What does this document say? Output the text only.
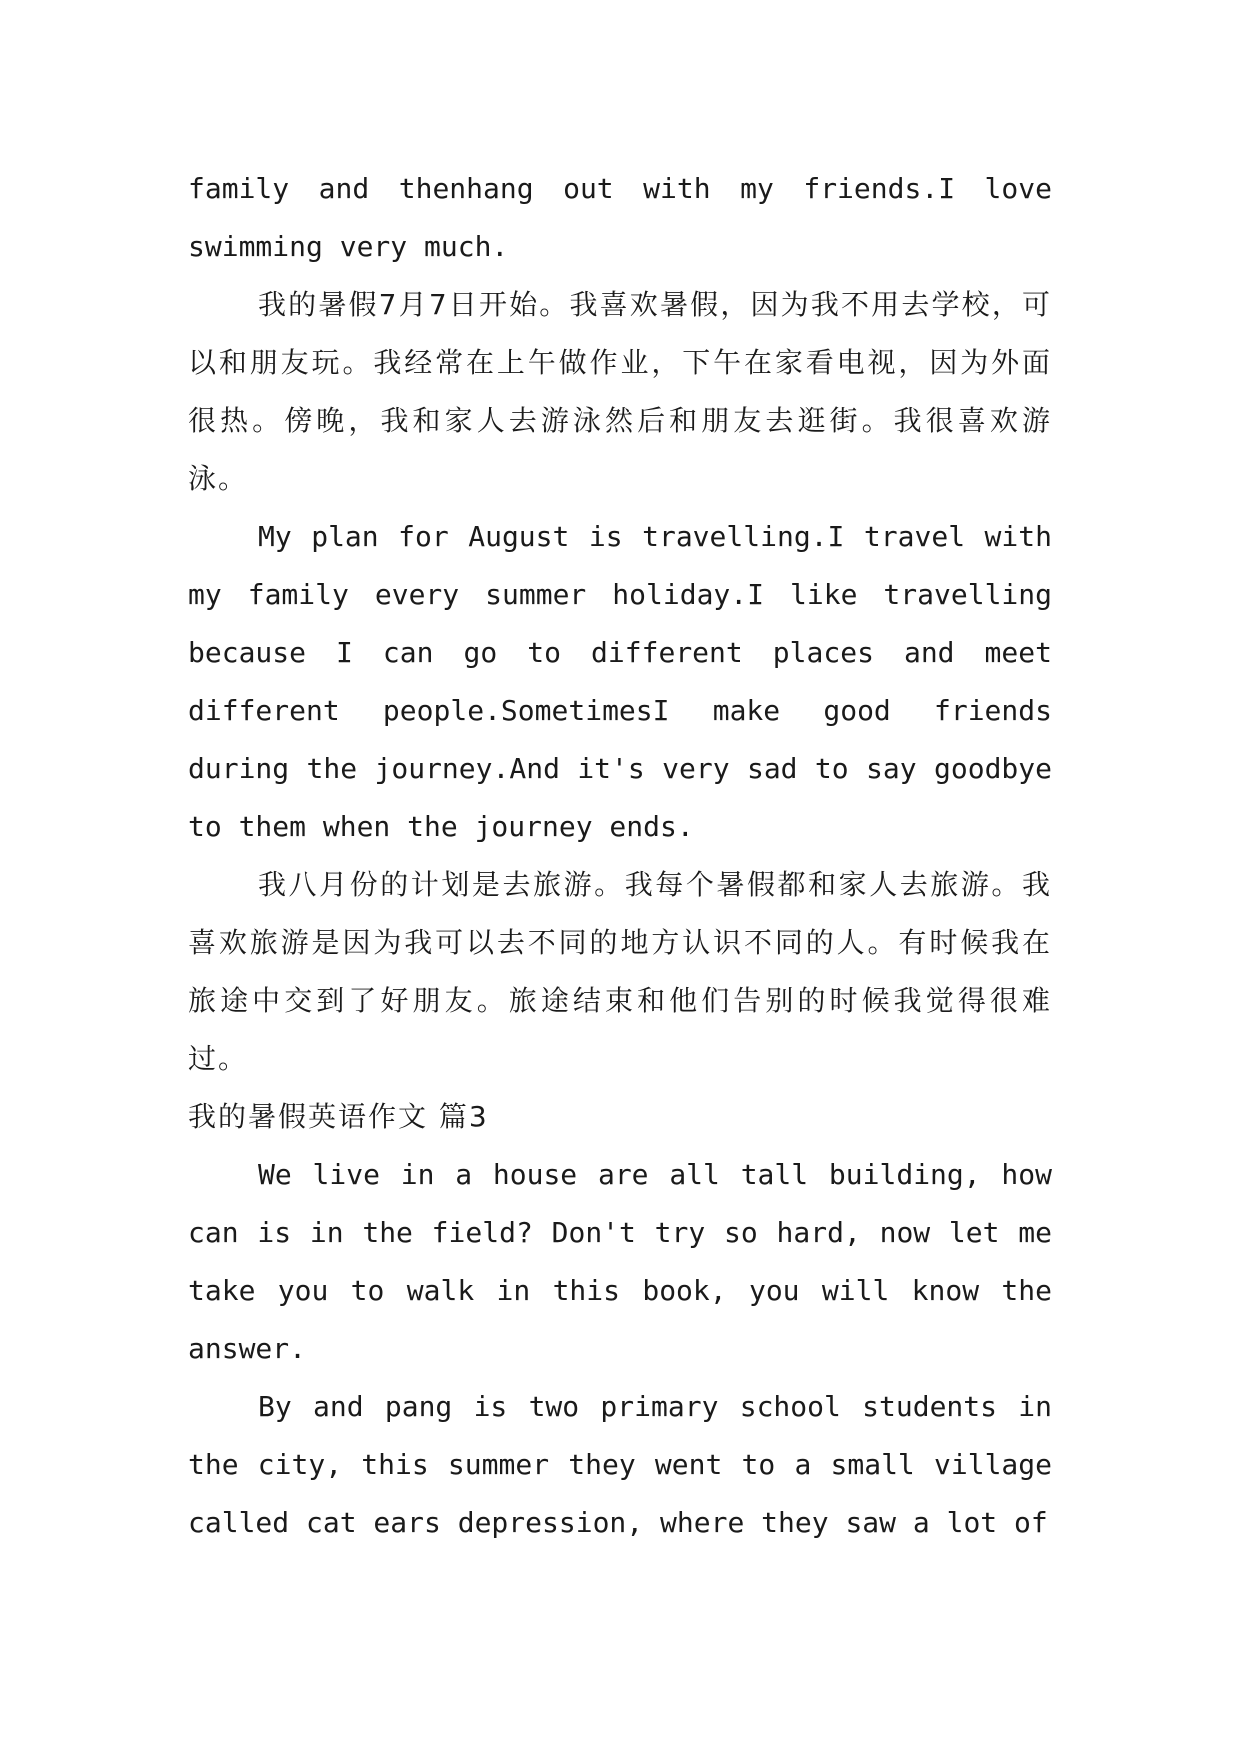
family and thenhang out with my friends.I love swimming very much.

我的暑假7月7日开始。我喜欢暑假，因为我不用去学校，可以和朋友玩。我经常在上午做作业，下午在家看电视，因为外面很热。傍晚，我和家人去游泳然后和朋友去逛街。我很喜欢游泳。

My plan for August is travelling.I travel with my family every summer holiday.I like travelling because I can go to different places and meet different people.SometimesI make good friends during the journey.And it's very sad to say goodbye to them when the journey ends.

我八月份的计划是去旅游。我每个暑假都和家人去旅游。我喜欢旅游是因为我可以去不同的地方认识不同的人。有时候我在旅途中交到了好朋友。旅途结束和他们告别的时候我觉得很难过。

我的暑假英语作文 篇3

We live in a house are all tall building, how can is in the field? Don't try so hard, now let me take you to walk in this book, you will know the answer.

By and pang is two primary school students in the city, this summer they went to a small village called cat ears depression, where they saw a lot of
